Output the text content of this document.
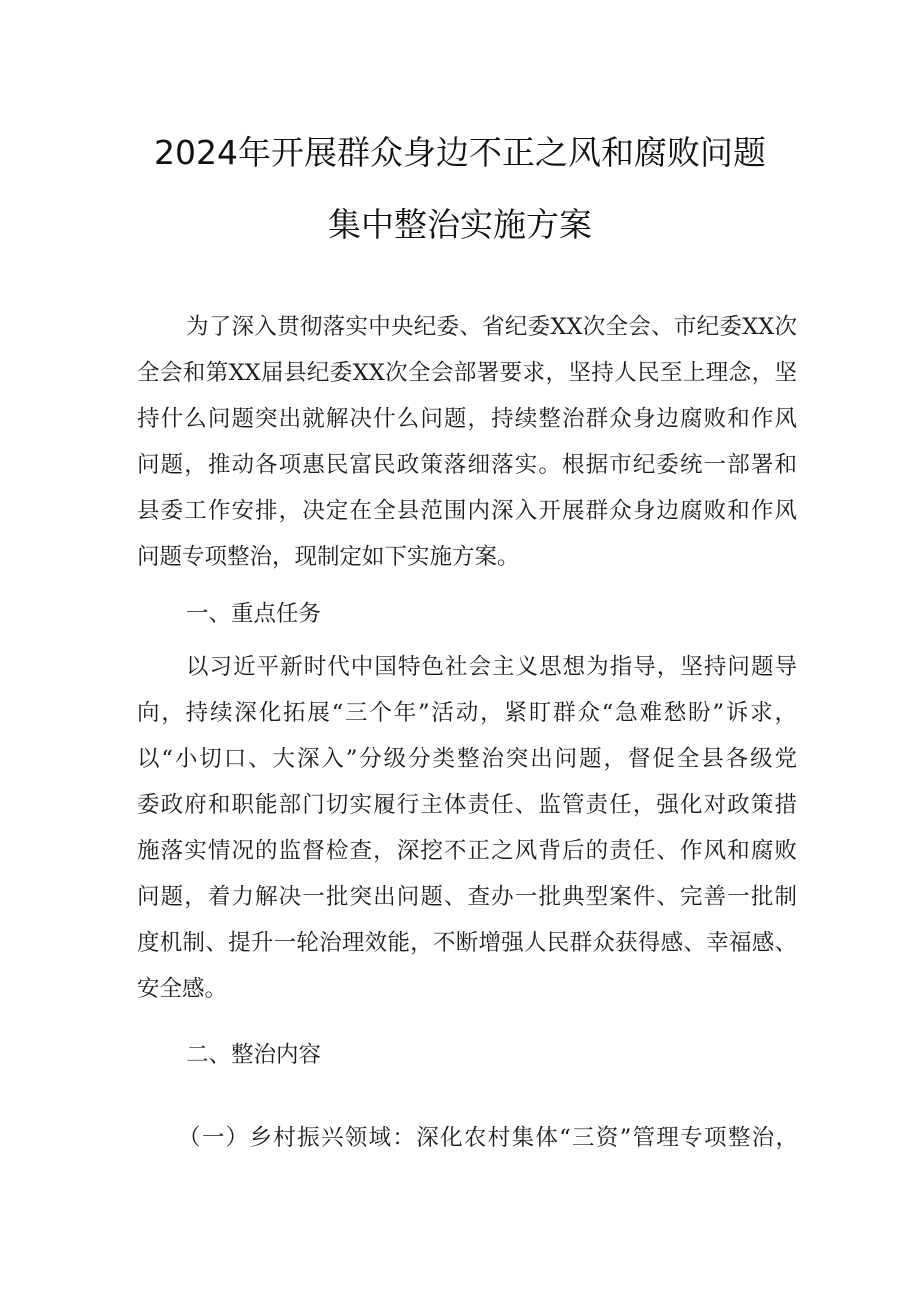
2024年开展群众身边不正之风和腐败问题
集中整治实施方案
为了深入贯彻落实中央纪委、省纪委XX次全会、市纪委XX次
全会和第XX届县纪委XX次全会部署要求，坚持人民至上理念，坚
持什么问题突出就解决什么问题，持续整治群众身边腐败和作风
问题，推动各项惠民富民政策落细落实。根据市纪委统一部署和
县委工作安排，决定在全县范围内深入开展群众身边腐败和作风
问题专项整治，现制定如下实施方案。
一、重点任务
以习近平新时代中国特色社会主义思想为指导，坚持问题导
向，持续深化拓展“三个年”活动，紧盯群众“急难愁盼”诉求，
以“小切口、大深入”分级分类整治突出问题，督促全县各级党
委政府和职能部门切实履行主体责任、监管责任，强化对政策措
施落实情况的监督检查，深挖不正之风背后的责任、作风和腐败
问题，着力解决一批突出问题、查办一批典型案件、完善一批制
度机制、提升一轮治理效能，不断增强人民群众获得感、幸福感、
安全感。
二、整治内容
（一）乡村振兴领域：深化农村集体“三资”管理专项整治，
